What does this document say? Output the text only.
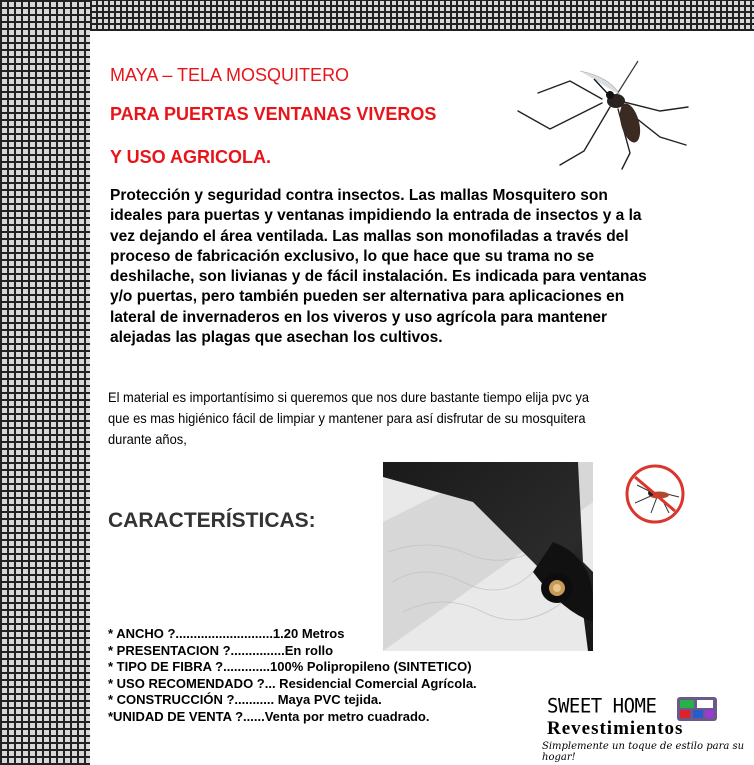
MAYA – TELA MOSQUITERO
PARA PUERTAS VENTANAS VIVEROS
Y USO AGRICOLA.
Protección y seguridad contra insectos. Las mallas Mosquitero son ideales para puertas y ventanas impidiendo la entrada de insectos y a la vez dejando el área ventilada. Las mallas son monofiladas a través del proceso de fabricación exclusivo, lo que hace que su trama no se deshilache, son livianas y de fácil instalación. Es indicada para ventanas y/o puertas, pero también pueden ser alternativa para aplicaciones en lateral de invernaderos en los viveros y uso agrícola para mantener alejadas las plagas que asechan los cultivos.
El material es importantísimo si queremos que nos dure bastante tiempo elija pvc ya que es mas higiénico fácil de limpiar y mantener para así disfrutar de su mosquitera durante años,
CARACTERÍSTICAS:
* ANCHO ?...........................1.20 Metros
* PRESENTACION ?...............En rollo
* TIPO DE FIBRA ?.............100% Polipropileno (SINTETICO)
* USO RECOMENDADO ?... Residencial Comercial Agrícola.
* CONSTRUCCIÓN ?........... Maya PVC tejida.
*UNIDAD DE VENTA ?......Venta por metro cuadrado.	SWEET HOME
Revestimientos
Simplemente un toque de estilo para su hogar!
